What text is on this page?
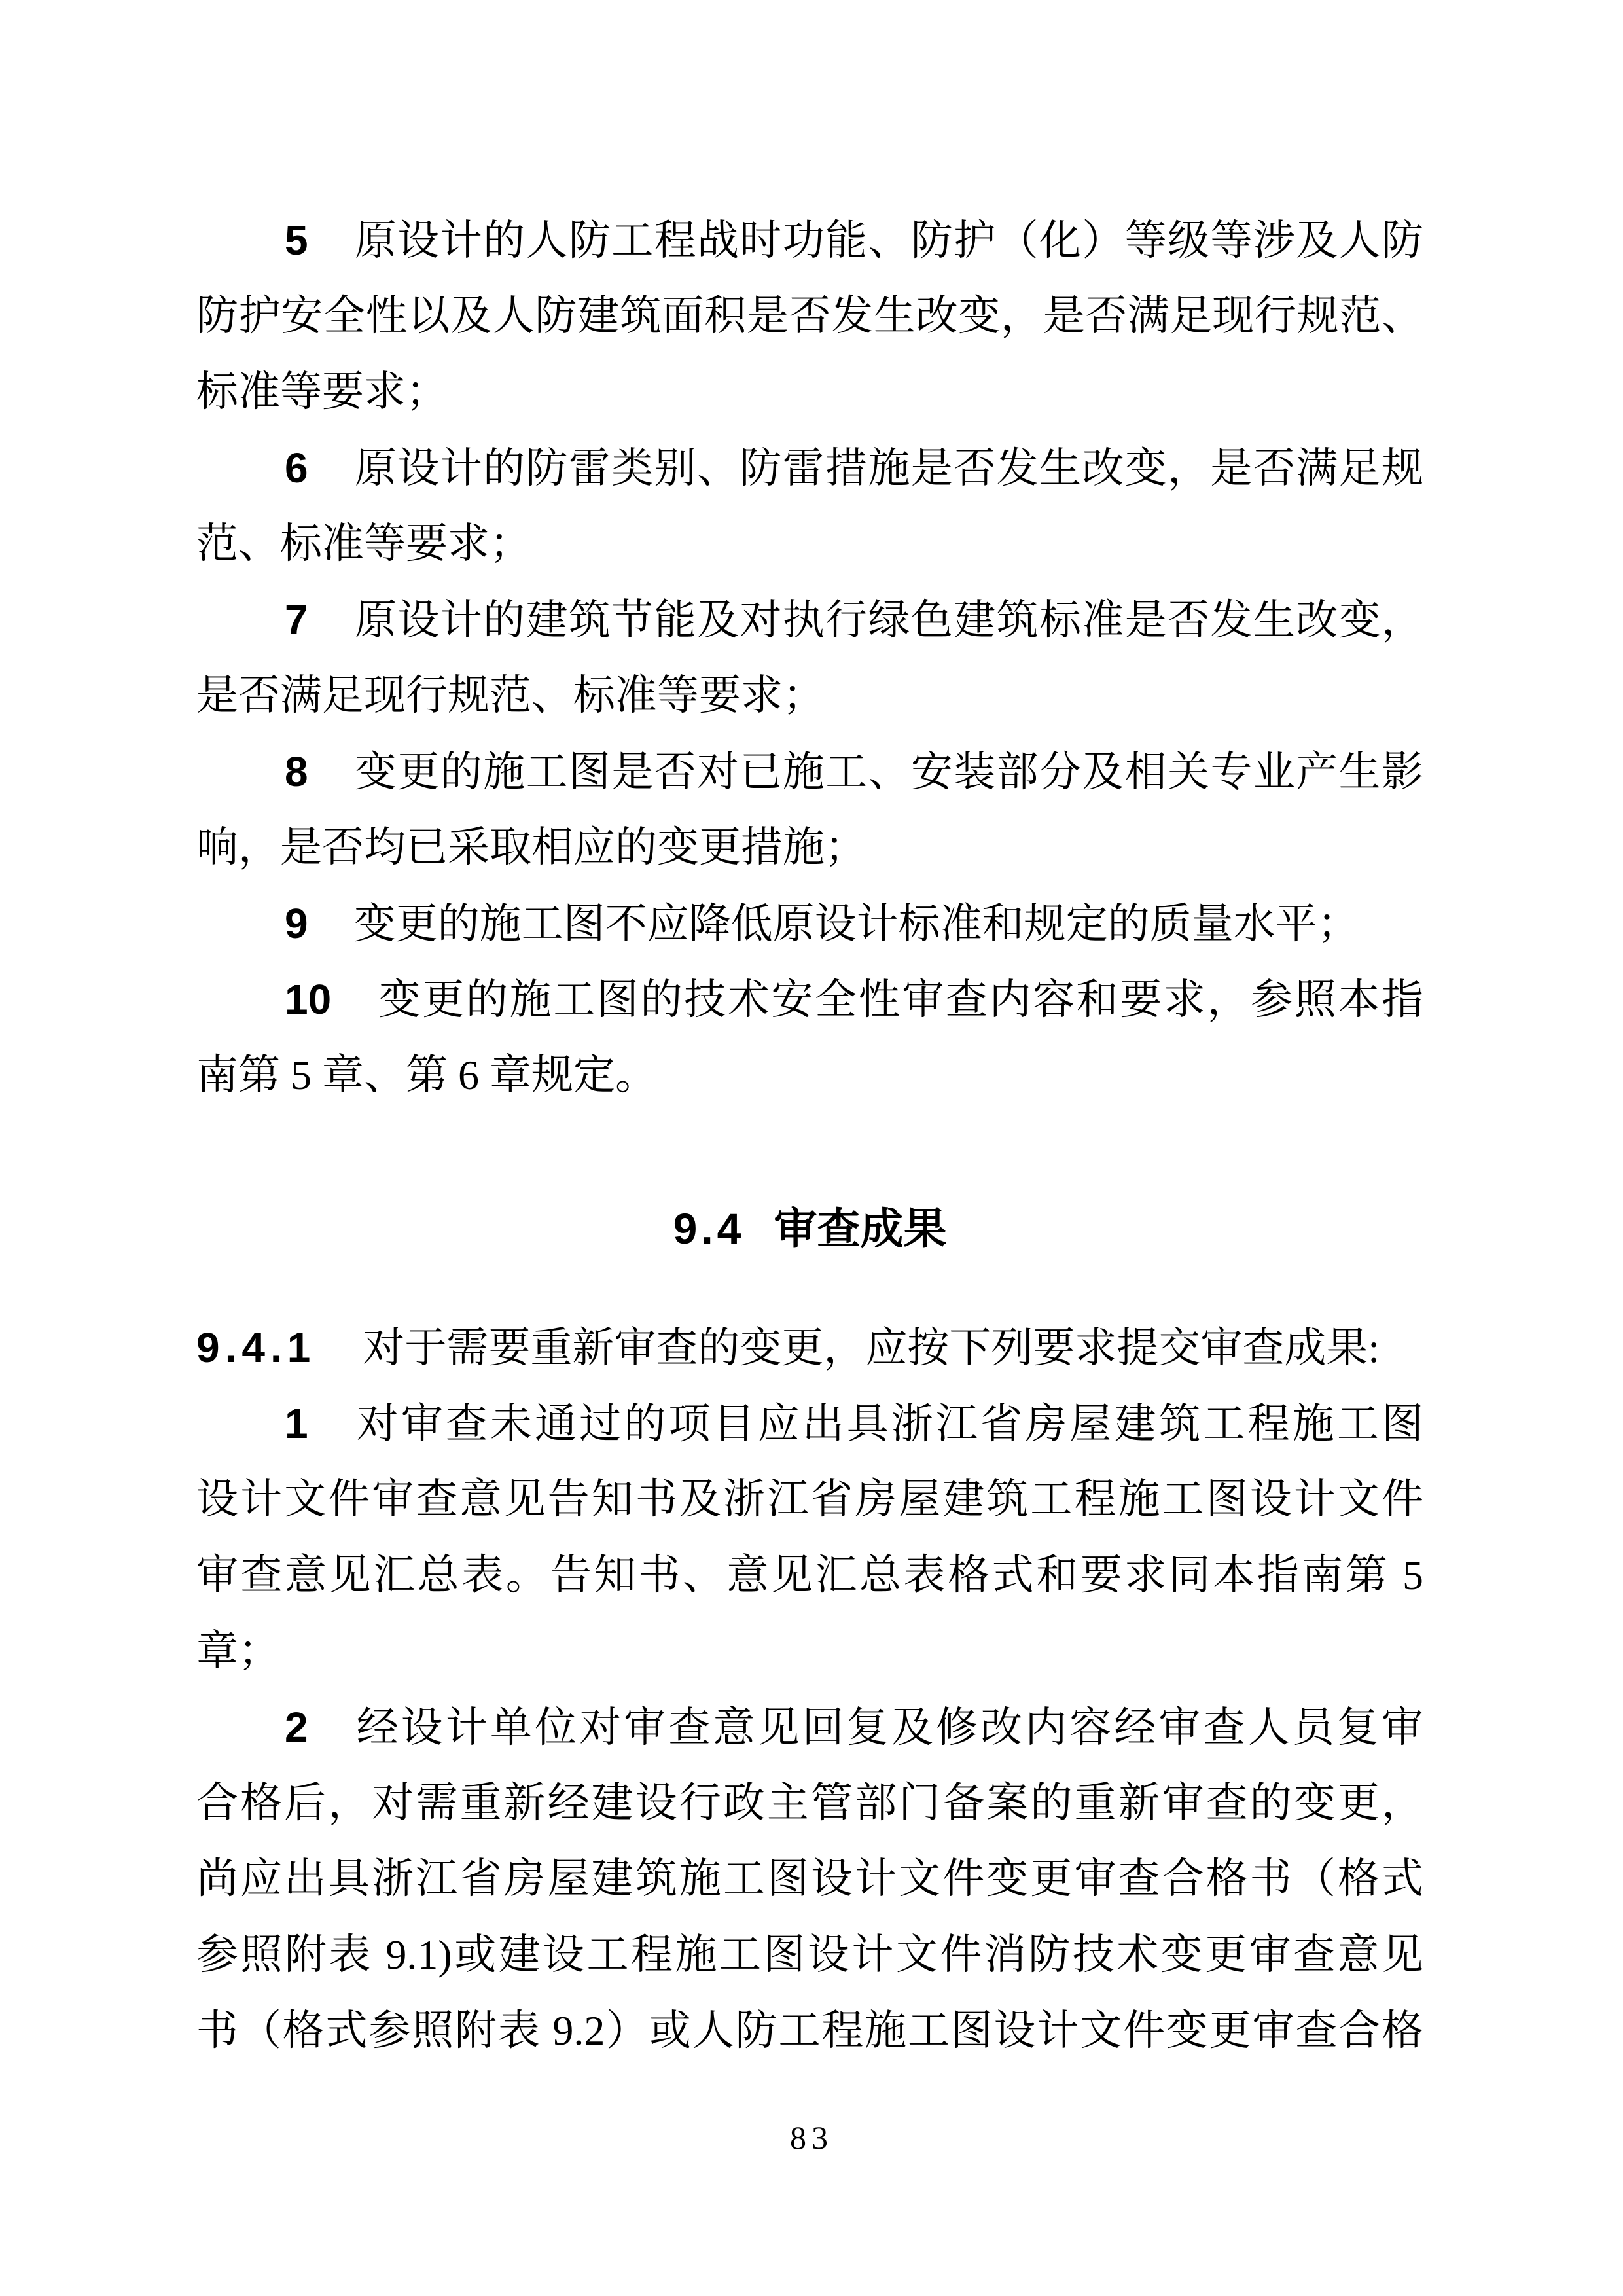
5 原设计的人防工程战时功能、防护（化）等级等涉及人防
防护安全性以及人防建筑面积是否发生改变，是否满足现行规范、
标准等要求；
6 原设计的防雷类别、防雷措施是否发生改变，是否满足规
范、标准等要求；
7 原设计的建筑节能及对执行绿色建筑标准是否发生改变，
是否满足现行规范、标准等要求；
8 变更的施工图是否对已施工、安装部分及相关专业产生影
响，是否均已采取相应的变更措施；
9 变更的施工图不应降低原设计标准和规定的质量水平；
10 变更的施工图的技术安全性审查内容和要求，参照本指
南第 5 章、第 6 章规定。
9.4 审查成果
9.4.1 对于需要重新审查的变更，应按下列要求提交审查成果:
1 对审查未通过的项目应出具浙江省房屋建筑工程施工图
设计文件审查意见告知书及浙江省房屋建筑工程施工图设计文件
审查意见汇总表。告知书、意见汇总表格式和要求同本指南第 5
章；
2 经设计单位对审查意见回复及修改内容经审查人员复审
合格后，对需重新经建设行政主管部门备案的重新审查的变更，
尚应出具浙江省房屋建筑施工图设计文件变更审查合格书（格式
参照附表 9.1)或建设工程施工图设计文件消防技术变更审查意见
书（格式参照附表 9.2）或人防工程施工图设计文件变更审查合格
83
